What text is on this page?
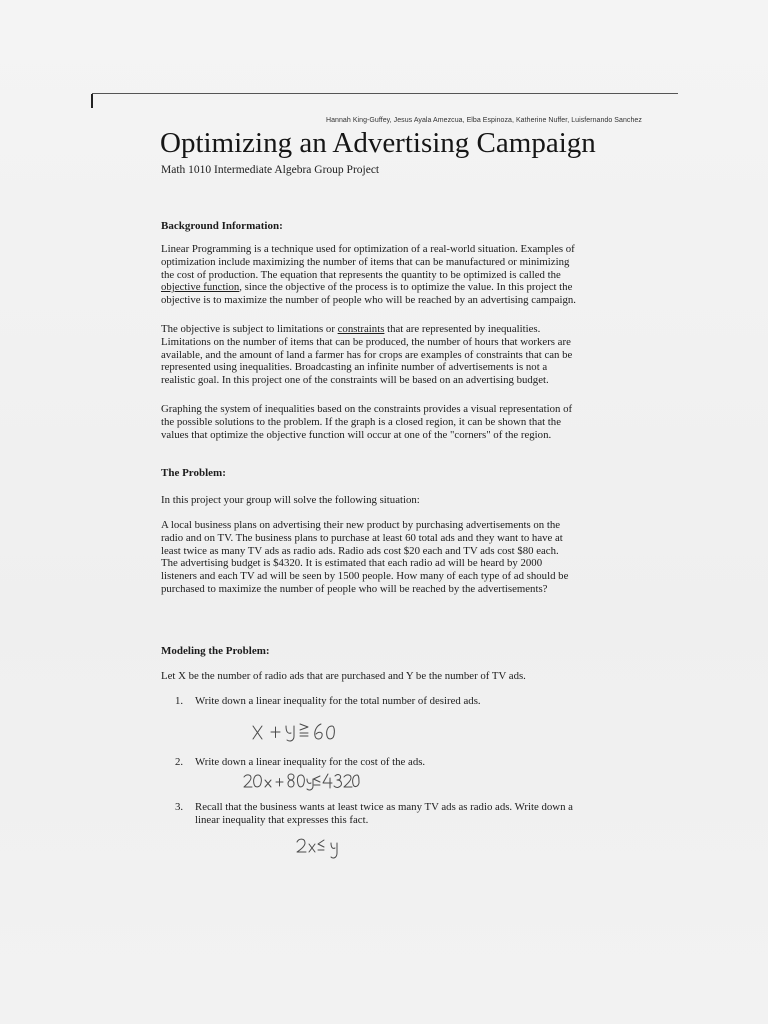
Hannah King-Guffey, Jesus Ayala Amezcua, Elba Espinoza, Katherine Nuffer, Luisfernando Sanchez
Optimizing an Advertising Campaign
Math 1010 Intermediate Algebra Group Project
Background Information:
Linear Programming is a technique used for optimization of a real-world situation. Examples of
optimization include maximizing the number of items that can be manufactured or minimizing
the cost of production. The equation that represents the quantity to be optimized is called the
objective function, since the objective of the process is to optimize the value. In this project the
objective is to maximize the number of people who will be reached by an advertising campaign.
The objective is subject to limitations or constraints that are represented by inequalities.
Limitations on the number of items that can be produced, the number of hours that workers are
available, and the amount of land a farmer has for crops are examples of constraints that can be
represented using inequalities. Broadcasting an infinite number of advertisements is not a
realistic goal. In this project one of the constraints will be based on an advertising budget.
Graphing the system of inequalities based on the constraints provides a visual representation of
the possible solutions to the problem. If the graph is a closed region, it can be shown that the
values that optimize the objective function will occur at one of the "corners" of the region.
The Problem:
In this project your group will solve the following situation:
A local business plans on advertising their new product by purchasing advertisements on the
radio and on TV. The business plans to purchase at least 60 total ads and they want to have at
least twice as many TV ads as radio ads. Radio ads cost $20 each and TV ads cost $80 each.
The advertising budget is $4320. It is estimated that each radio ad will be heard by 2000
listeners and each TV ad will be seen by 1500 people. How many of each type of ad should be
purchased to maximize the number of people who will be reached by the advertisements?
Modeling the Problem:
Let X be the number of radio ads that are purchased and Y be the number of TV ads.
1. Write down a linear inequality for the total number of desired ads.
2. Write down a linear inequality for the cost of the ads.
3. Recall that the business wants at least twice as many TV ads as radio ads. Write down a
linear inequality that expresses this fact.
